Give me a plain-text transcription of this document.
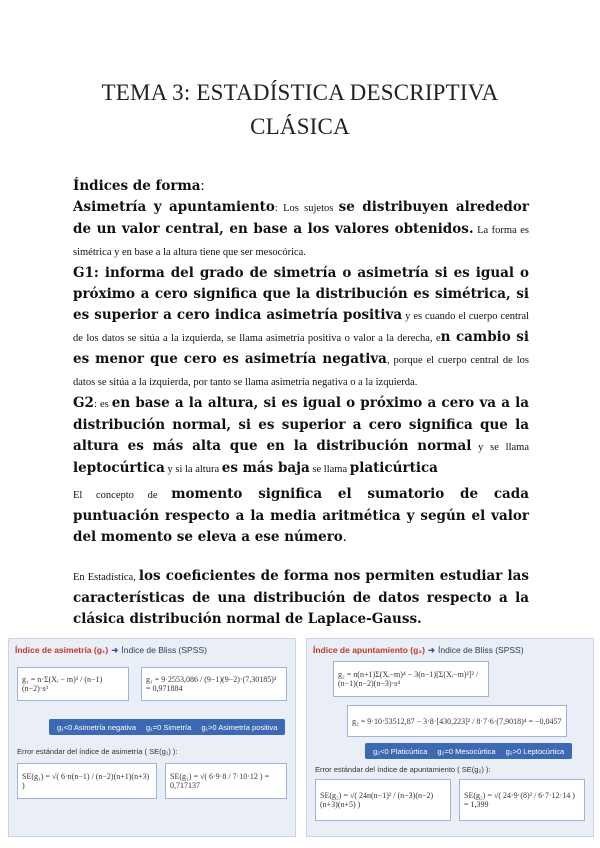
TEMA 3: ESTADÍSTICA DESCRIPTIVA
CLÁSICA

Índices de forma:

Asimetría y apuntamiento: Los sujetos se distribuyen alrededor de un valor central, en base a los valores obtenidos. La forma es simétrica y en base a la altura tiene que ser mesocórica.

G1: informa del grado de simetría o asimetría si es igual o próximo a cero significa que la distribución es simétrica, si es superior a cero indica asimetría positiva y es cuando el cuerpo central de los datos se sitúa a la izquierda, se llama asimetría positiva o valor a la derecha, en cambio si es menor que cero es asimetría negativa, porque el cuerpo central de los datos se sitúa a la izquierda, por tanto se llama asimetría negativa o a la izquierda.

G2: es en base a la altura, si es igual o próximo a cero va a la distribución normal, si es superior a cero significa que la altura es más alta que en la distribución normal y se llama leptocúrtica y si la altura es más baja se llama platicúrtica

El concepto de momento significa el sumatorio de cada puntuación respecto a la media aritmética y según el valor del momento se eleva a ese número.

En Estadística, los coeficientes de forma nos permiten estudiar las características de una distribución de datos respecto a la clásica distribución normal de Laplace-Gauss.

Índice de asimetría (g₁) ➜ Índice de Bliss (SPSS)
g₁ = n·Σ(Xᵢ − m)³ / (n−1)(n−2)·s³
g₁ = 9·2553,086 / (9−1)(9−2)·(7,30185)³ = 0,971884
g₁<0 Asimetría negativa g₁=0 Simetría g₁>0 Asimetría positiva
Error estándar del índice de asimetría ( SE(g₁) ):
SE(g₁) = √( 6·n(n−1) / (n−2)(n+1)(n+3) )
SE(g₁) = √( 6·9·8 / 7·10·12 ) = 0,717137
Índice de apuntamiento (g₂) ➜ Índice de Bliss (SPSS)
g₂ = n(n+1)Σ(Xᵢ−m)⁴ − 3(n−1)[Σ(Xᵢ−m)²]² / (n−1)(n−2)(n−3)·s⁴
g₂ = 9·10·53512,87 − 3·8·[430,223]² / 8·7·6·(7,9018)⁴ = −0,0457
g₂<0 Platicúrtica g₂=0 Mesocúrtica g₂>0 Leptocúrtica
Error estándar del índice de apuntamiento ( SE(g₂) ):
SE(g₂) = √( 24n(n−1)² / (n−3)(n−2)(n+3)(n+5) )
SE(g₂) = √( 24·9·(8)² / 6·7·12·14 ) = 1,399
